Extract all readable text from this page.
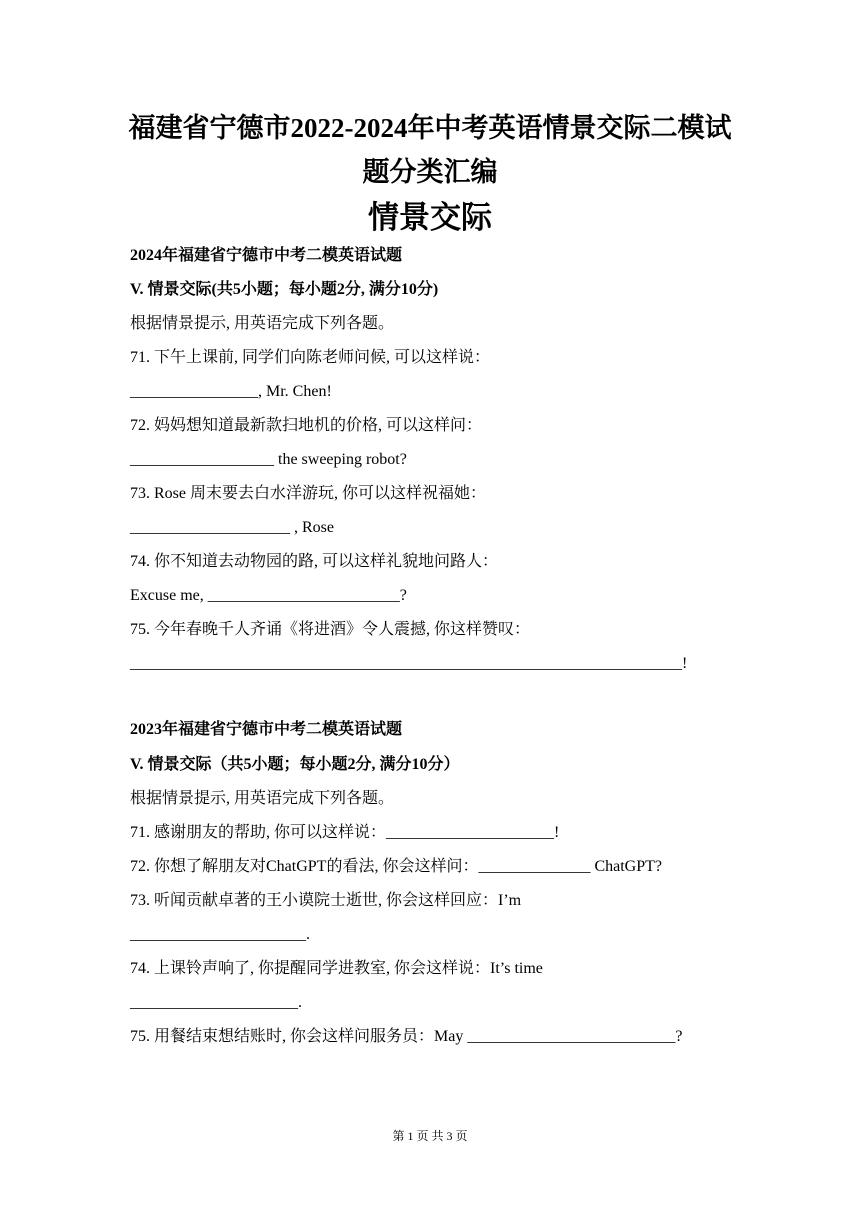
福建省宁德市2022-2024年中考英语情景交际二模试
题分类汇编
情景交际
2024年福建省宁德市中考二模英语试题
V. 情景交际(共5小题；每小题2分, 满分10分)
根据情景提示, 用英语完成下列各题。
71. 下午上课前, 同学们向陈老师问候, 可以这样说：
________________, Mr. Chen!
72. 妈妈想知道最新款扫地机的价格, 可以这样问：
__________________ the sweeping robot?
73. Rose 周末要去白水洋游玩, 你可以这样祝福她：
____________________ , Rose
74. 你不知道去动物园的路, 可以这样礼貌地问路人：
Excuse me, ________________________?
75. 今年春晚千人齐诵《将进酒》令人震撼, 你这样赞叹：
_____________________________________________________________________!
2023年福建省宁德市中考二模英语试题
V. 情景交际（共5小题；每小题2分, 满分10分）
根据情景提示, 用英语完成下列各题。
71. 感谢朋友的帮助, 你可以这样说：_____________________!
72. 你想了解朋友对ChatGPT的看法, 你会这样问：______________ ChatGPT?
73. 听闻贡献卓著的王小谟院士逝世, 你会这样回应：I’m
______________________.
74. 上课铃声响了, 你提醒同学进教室, 你会这样说：It’s time
_____________________.
75. 用餐结束想结账时, 你会这样问服务员：May __________________________?
第 1 页 共 3 页
